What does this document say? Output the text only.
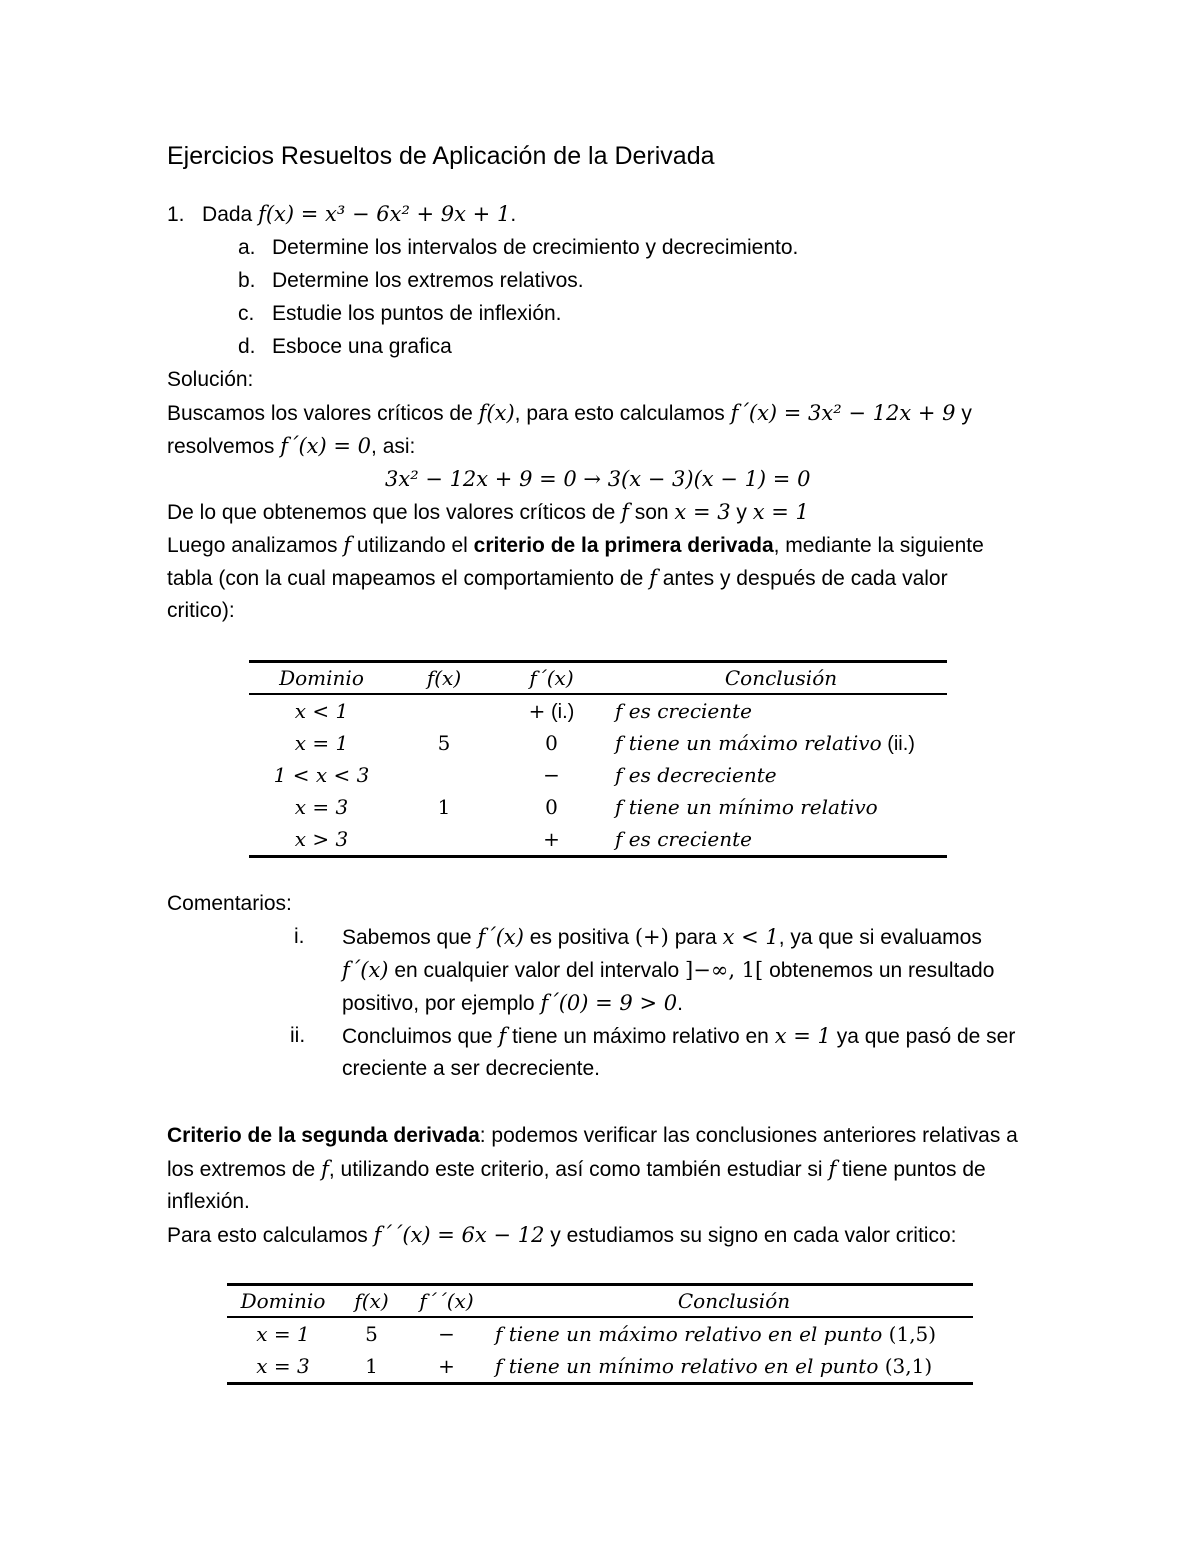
Ejercicios Resueltos de Aplicación de la Derivada
1. Dada f(x) = x³ − 6x² + 9x + 1.
a. Determine los intervalos de crecimiento y decrecimiento.
b. Determine los extremos relativos.
c. Estudie los puntos de inflexión.
d. Esboce una grafica
Solución:
Buscamos los valores críticos de f(x), para esto calculamos f´(x) = 3x² − 12x + 9 y
resolvemos f´(x) = 0, asi:
3x² − 12x + 9 = 0 → 3(x − 3)(x − 1) = 0
De lo que obtenemos que los valores críticos de f son x = 3 y x = 1
Luego analizamos f utilizando el criterio de la primera derivada, mediante la siguiente
tabla (con la cual mapeamos el comportamiento de f antes y después de cada valor
critico):
Dominio	f(x)	f´(x)	Conclusión
x < 1		+ (i.)	f es creciente
x = 1	5	0	f tiene un máximo relativo (ii.)
1 < x < 3		−	f es decreciente
x = 3	1	0	f tiene un mínimo relativo
x > 3		+	f es creciente
Comentarios:
i. Sabemos que f´(x) es positiva (+) para x < 1, ya que si evaluamos
f´(x) en cualquier valor del intervalo ]−∞, 1[ obtenemos un resultado
positivo, por ejemplo f´(0) = 9 > 0.
ii. Concluimos que f tiene un máximo relativo en x = 1 ya que pasó de ser
creciente a ser decreciente.
Criterio de la segunda derivada: podemos verificar las conclusiones anteriores relativas a
los extremos de f, utilizando este criterio, así como también estudiar si f tiene puntos de
inflexión.
Para esto calculamos f´´(x) = 6x − 12 y estudiamos su signo en cada valor critico:
Dominio	f(x)	f´´(x)	Conclusión
x = 1	5	−	f tiene un máximo relativo en el punto (1,5)
x = 3	1	+	f tiene un mínimo relativo en el punto (3,1)
